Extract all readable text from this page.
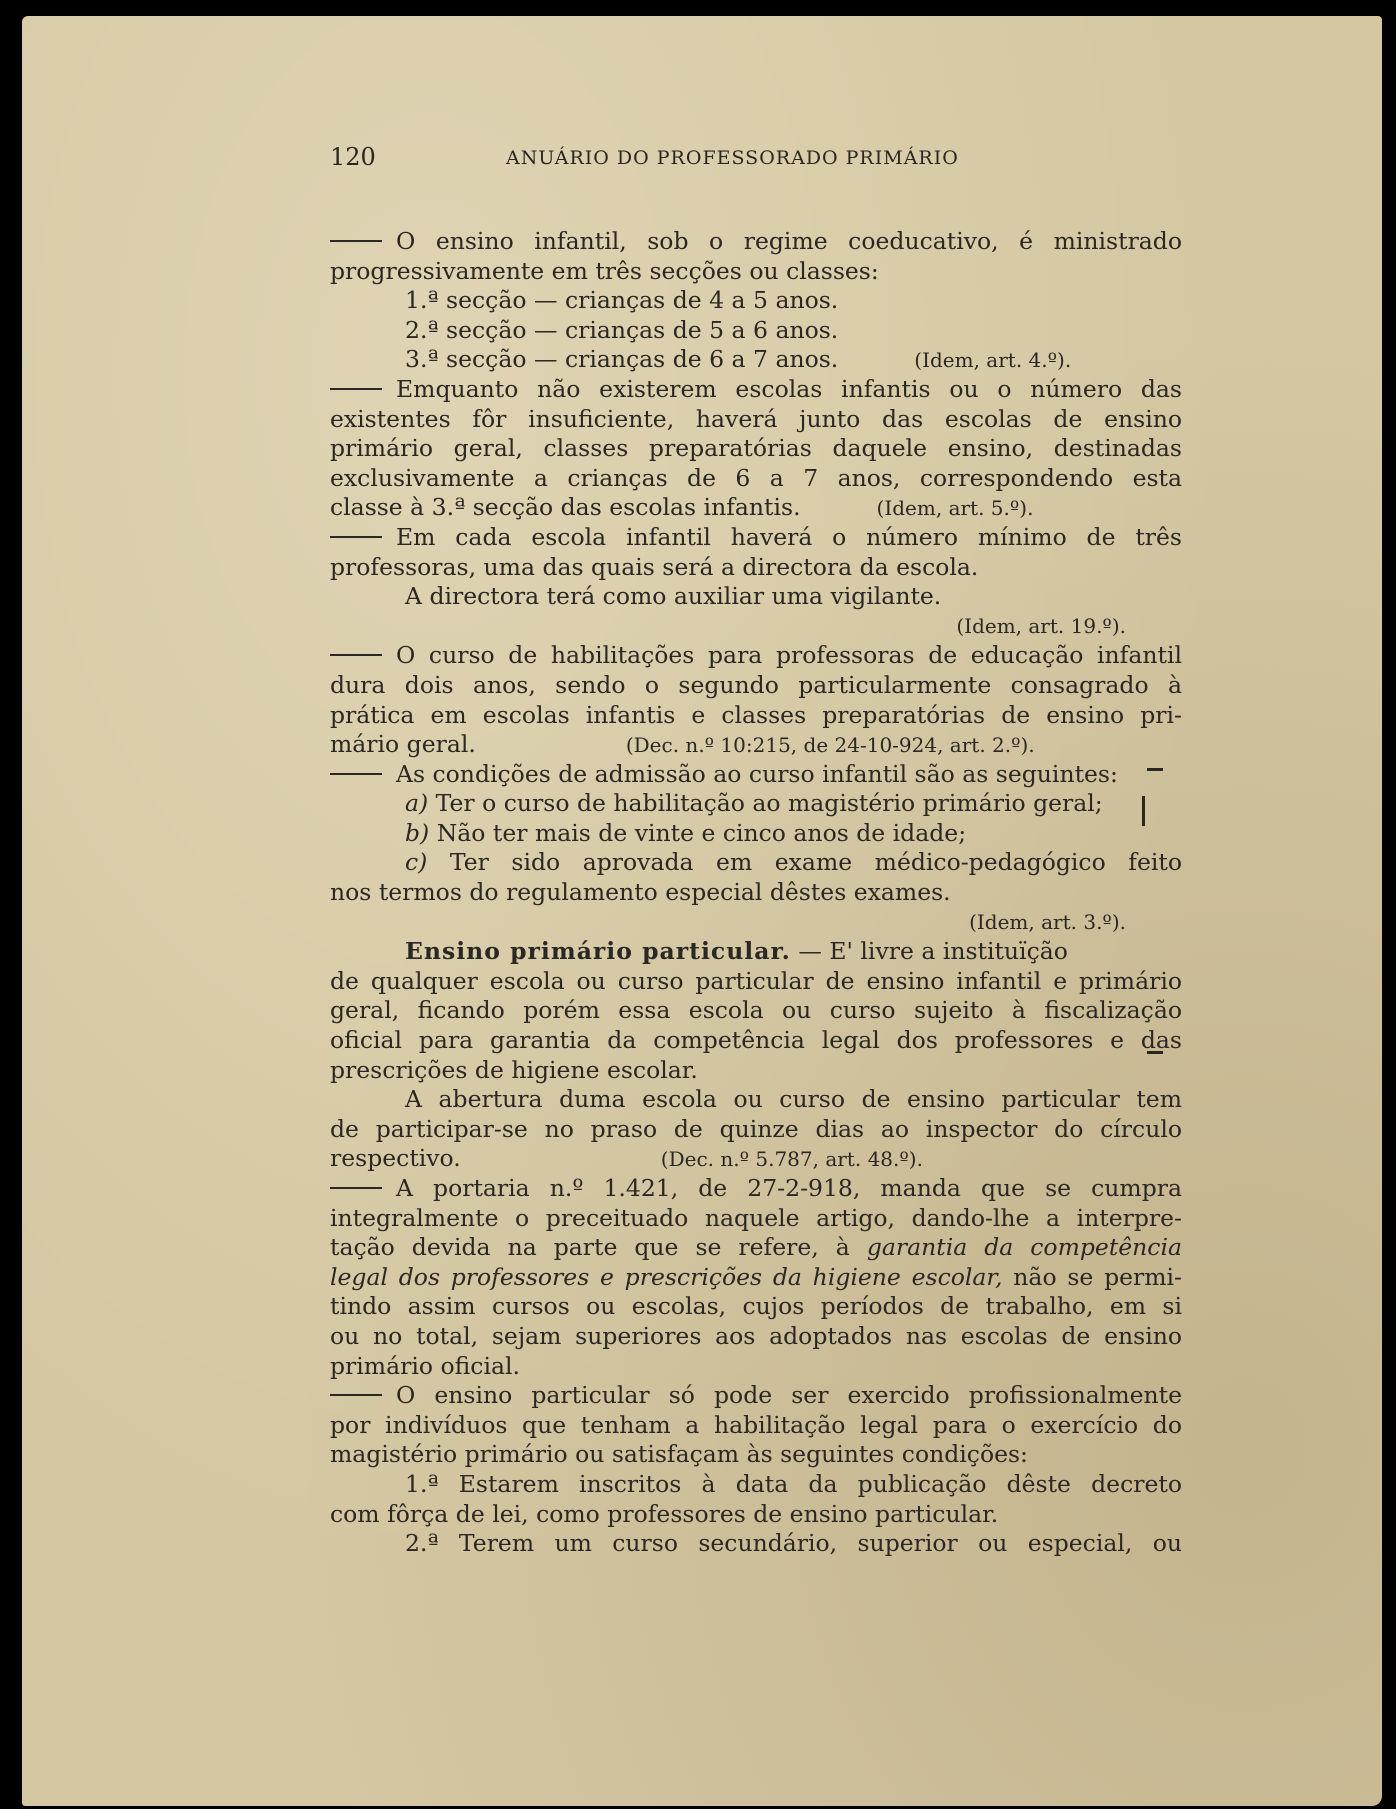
120	ANUÁRIO DO PROFESSORADO PRIMÁRIO
O ensino infantil, sob o regime coeducativo, é ministrado
progressivamente em três secções ou classes:
1.ª secção — crianças de 4 a 5 anos.
2.ª secção — crianças de 5 a 6 anos.
3.ª secção — crianças de 6 a 7 anos.	(Idem, art. 4.º).
Emquanto não existerem escolas infantis ou o número das
existentes fôr insuficiente, haverá junto das escolas de ensino
primário geral, classes preparatórias daquele ensino, destinadas
exclusivamente a crianças de 6 a 7 anos, correspondendo esta
classe à 3.ª secção das escolas infantis.	(Idem, art. 5.º).
Em cada escola infantil haverá o número mínimo de três
professoras, uma das quais será a directora da escola.
A directora terá como auxiliar uma vigilante.
(Idem, art. 19.º).
O curso de habilitações para professoras de educação infantil
dura dois anos, sendo o segundo particularmente consagrado à
prática em escolas infantis e classes preparatórias de ensino pri-
mário geral.	(Dec. n.º 10:215, de 24-10-924, art. 2.º).
As condições de admissão ao curso infantil são as seguintes:
a) Ter o curso de habilitação ao magistério primário geral;
b) Não ter mais de vinte e cinco anos de idade;
c) Ter sido aprovada em exame médico-pedagógico feito
nos termos do regulamento especial dêstes exames.
(Idem, art. 3.º).
Ensino primário particular. — E' livre a instituïção
de qualquer escola ou curso particular de ensino infantil e primário
geral, ficando porém essa escola ou curso sujeito à fiscalização
oficial para garantia da competência legal dos professores e das
prescrições de higiene escolar.
A abertura duma escola ou curso de ensino particular tem
de participar-se no praso de quinze dias ao inspector do círculo
respectivo.	(Dec. n.º 5.787, art. 48.º).
A portaria n.º 1.421, de 27-2-918, manda que se cumpra
integralmente o preceituado naquele artigo, dando-lhe a interpre-
tação devida na parte que se refere, à garantia da competência
legal dos professores e prescrições da higiene escolar, não se permi-
tindo assim cursos ou escolas, cujos períodos de trabalho, em si
ou no total, sejam superiores aos adoptados nas escolas de ensino
primário oficial.
O ensino particular só pode ser exercido profissionalmente
por indivíduos que tenham a habilitação legal para o exercício do
magistério primário ou satisfaçam às seguintes condições:
1.ª Estarem inscritos à data da publicação dêste decreto
com fôrça de lei, como professores de ensino particular.
2.ª Terem um curso secundário, superior ou especial, ou
